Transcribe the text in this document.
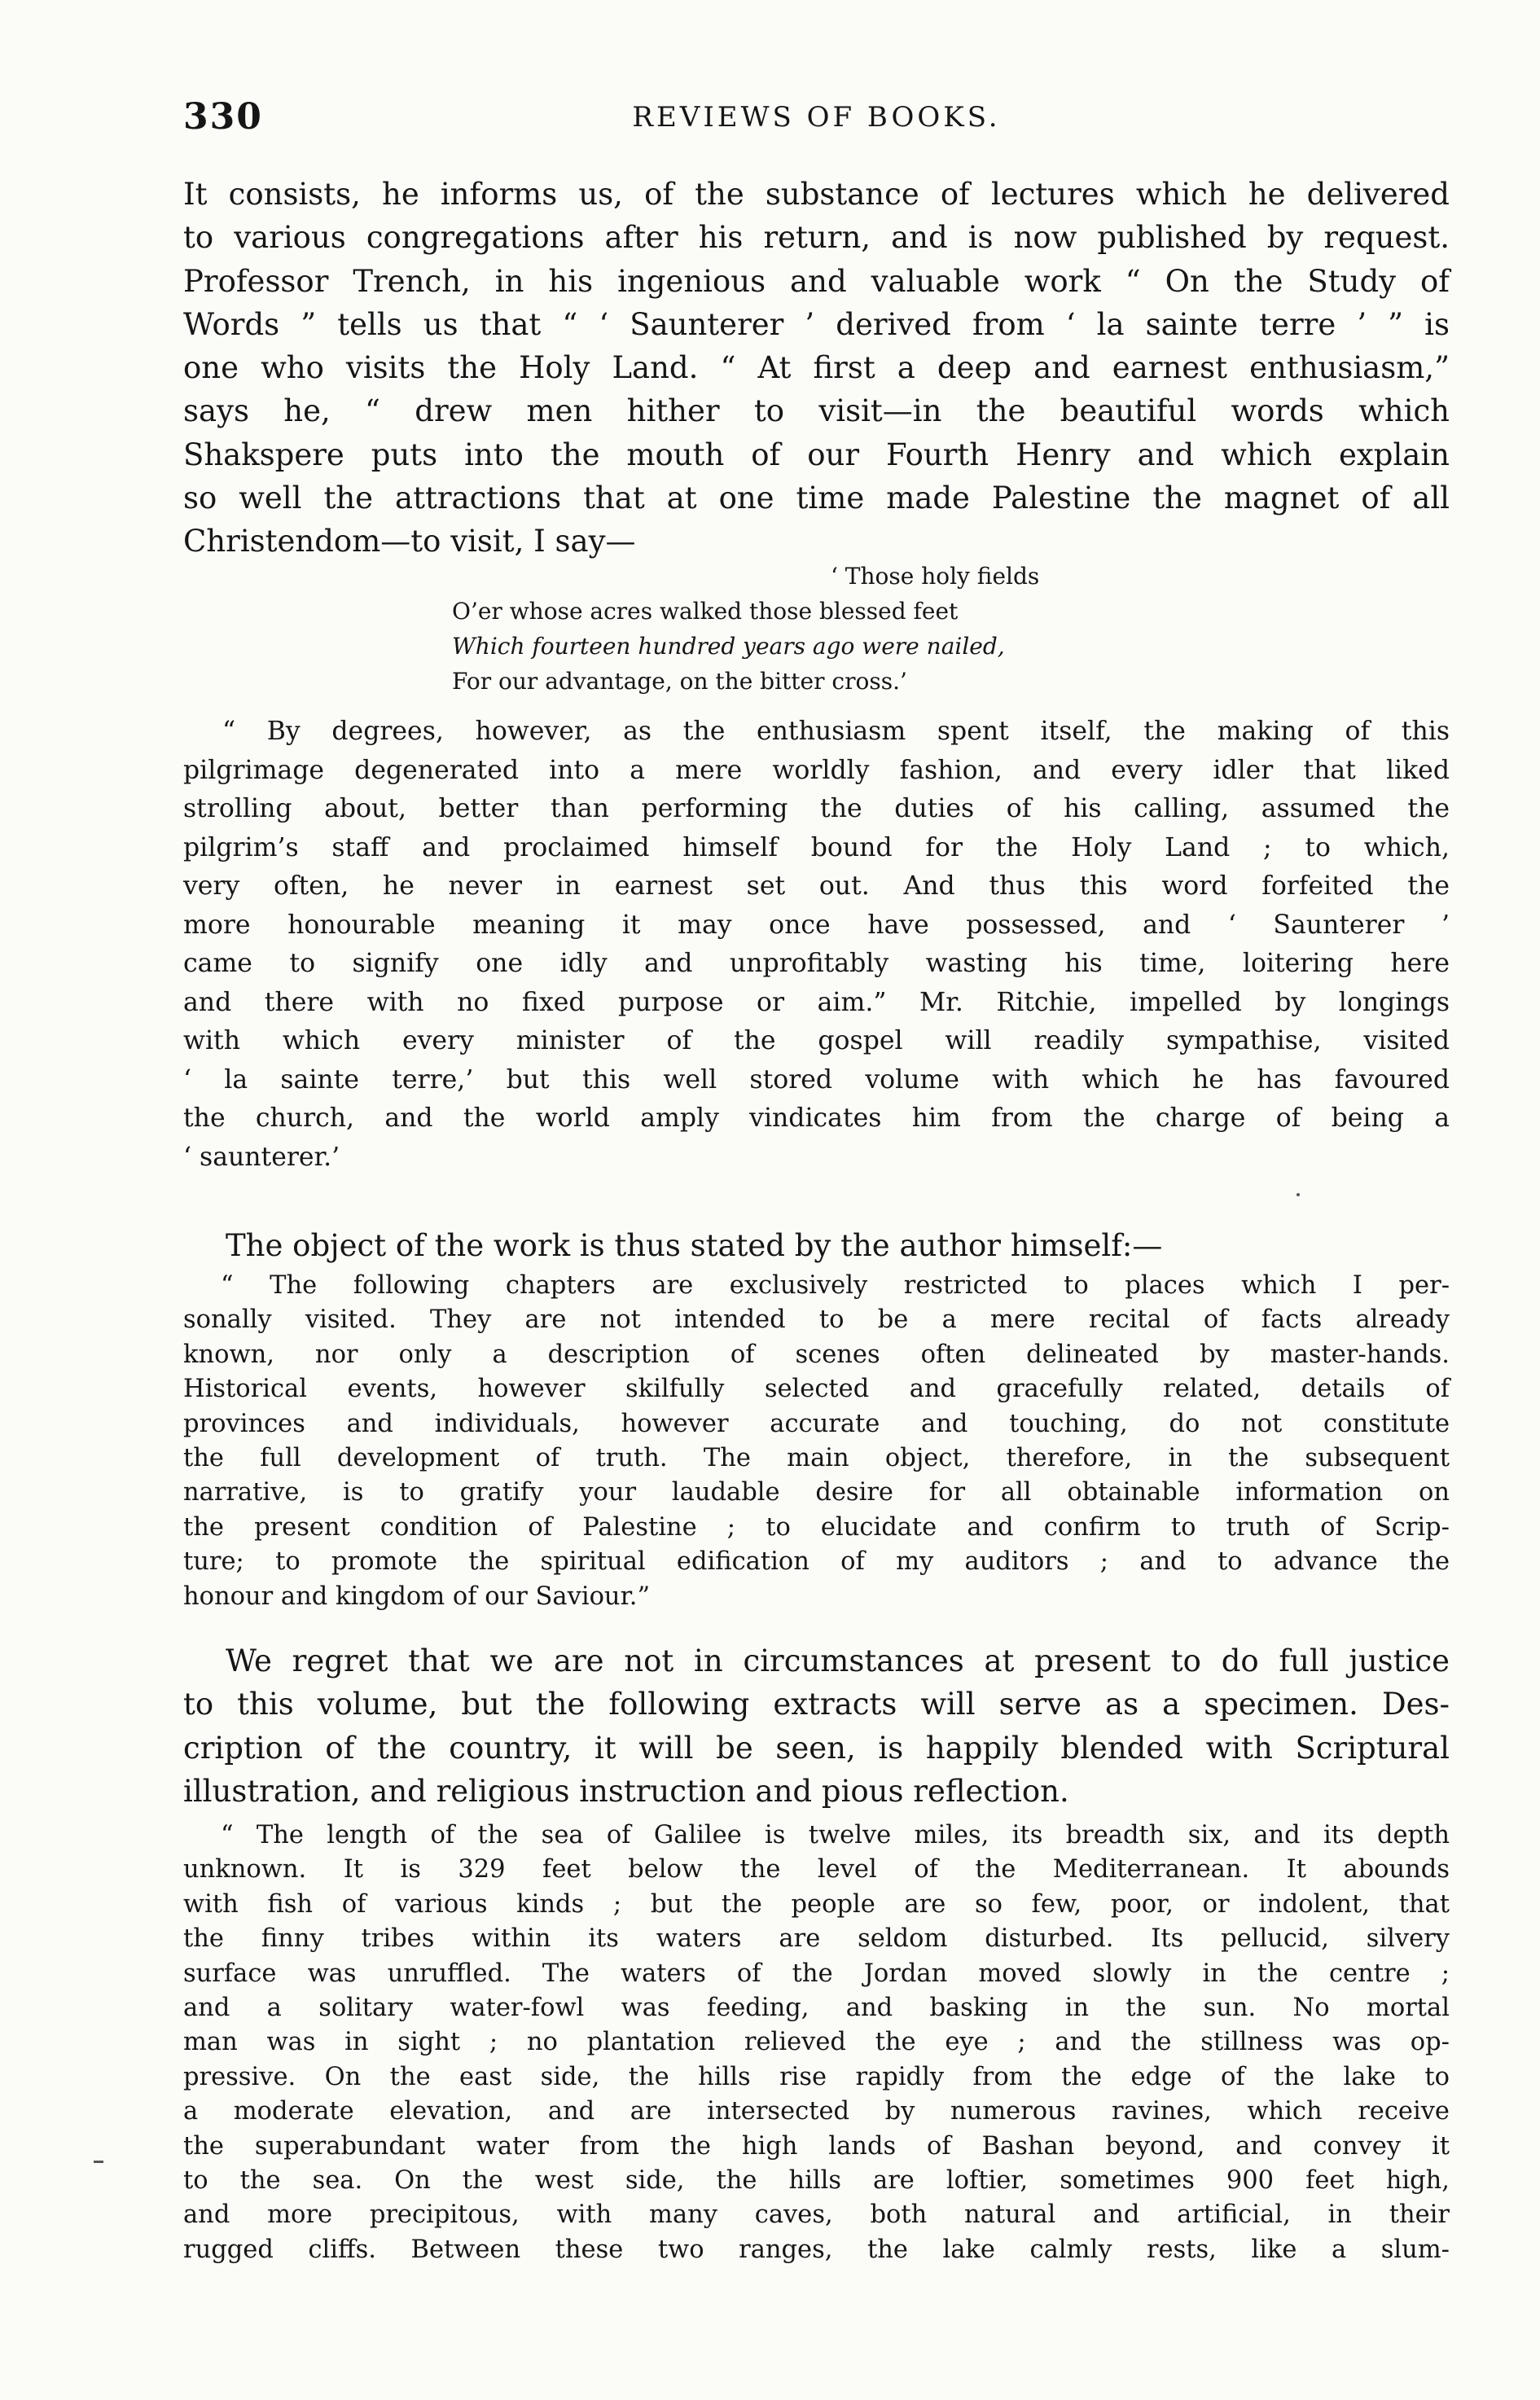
330	REVIEWS OF BOOKS.
It consists, he informs us, of the substance of lectures which he delivered
to various congregations after his return, and is now published by request.
Professor Trench, in his ingenious and valuable work “ On the Study of
Words ” tells us that “ ‘ Saunterer ’ derived from ‘ la sainte terre ’ ” is
one who visits the Holy Land. “ At first a deep and earnest enthusiasm,”
says he, “ drew men hither to visit—in the beautiful words which
Shakspere puts into the mouth of our Fourth Henry and which explain
so well the attractions that at one time made Palestine the magnet of all
Christendom—to visit, I say—
‘ Those holy fields
O’er whose acres walked those blessed feet
Which fourteen hundred years ago were nailed,
For our advantage, on the bitter cross.’
“ By degrees, however, as the enthusiasm spent itself, the making of this
pilgrimage degenerated into a mere worldly fashion, and every idler that liked
strolling about, better than performing the duties of his calling, assumed the
pilgrim’s staff and proclaimed himself bound for the Holy Land ; to which,
very often, he never in earnest set out. And thus this word forfeited the
more honourable meaning it may once have possessed, and ‘ Saunterer ’
came to signify one idly and unprofitably wasting his time, loitering here
and there with no fixed purpose or aim.” Mr. Ritchie, impelled by longings
with which every minister of the gospel will readily sympathise, visited
‘ la sainte terre,’ but this well stored volume with which he has favoured
the church, and the world amply vindicates him from the charge of being a
‘ saunterer.’
The object of the work is thus stated by the author himself:—
“ The following chapters are exclusively restricted to places which I per-
sonally visited. They are not intended to be a mere recital of facts already
known, nor only a description of scenes often delineated by master-hands.
Historical events, however skilfully selected and gracefully related, details of
provinces and individuals, however accurate and touching, do not constitute
the full development of truth. The main object, therefore, in the subsequent
narrative, is to gratify your laudable desire for all obtainable information on
the present condition of Palestine ; to elucidate and confirm to truth of Scrip-
ture; to promote the spiritual edification of my auditors ; and to advance the
honour and kingdom of our Saviour.”
We regret that we are not in circumstances at present to do full justice
to this volume, but the following extracts will serve as a specimen. Des-
cription of the country, it will be seen, is happily blended with Scriptural
illustration, and religious instruction and pious reflection.
“ The length of the sea of Galilee is twelve miles, its breadth six, and its depth
unknown. It is 329 feet below the level of the Mediterranean. It abounds
with fish of various kinds ; but the people are so few, poor, or indolent, that
the finny tribes within its waters are seldom disturbed. Its pellucid, silvery
surface was unruffled. The waters of the Jordan moved slowly in the centre ;
and a solitary water-fowl was feeding, and basking in the sun. No mortal
man was in sight ; no plantation relieved the eye ; and the stillness was op-
pressive. On the east side, the hills rise rapidly from the edge of the lake to
a moderate elevation, and are intersected by numerous ravines, which receive
the superabundant water from the high lands of Bashan beyond, and convey it
to the sea. On the west side, the hills are loftier, sometimes 900 feet high,
and more precipitous, with many caves, both natural and artificial, in their
rugged cliffs. Between these two ranges, the lake calmly rests, like a slum-
